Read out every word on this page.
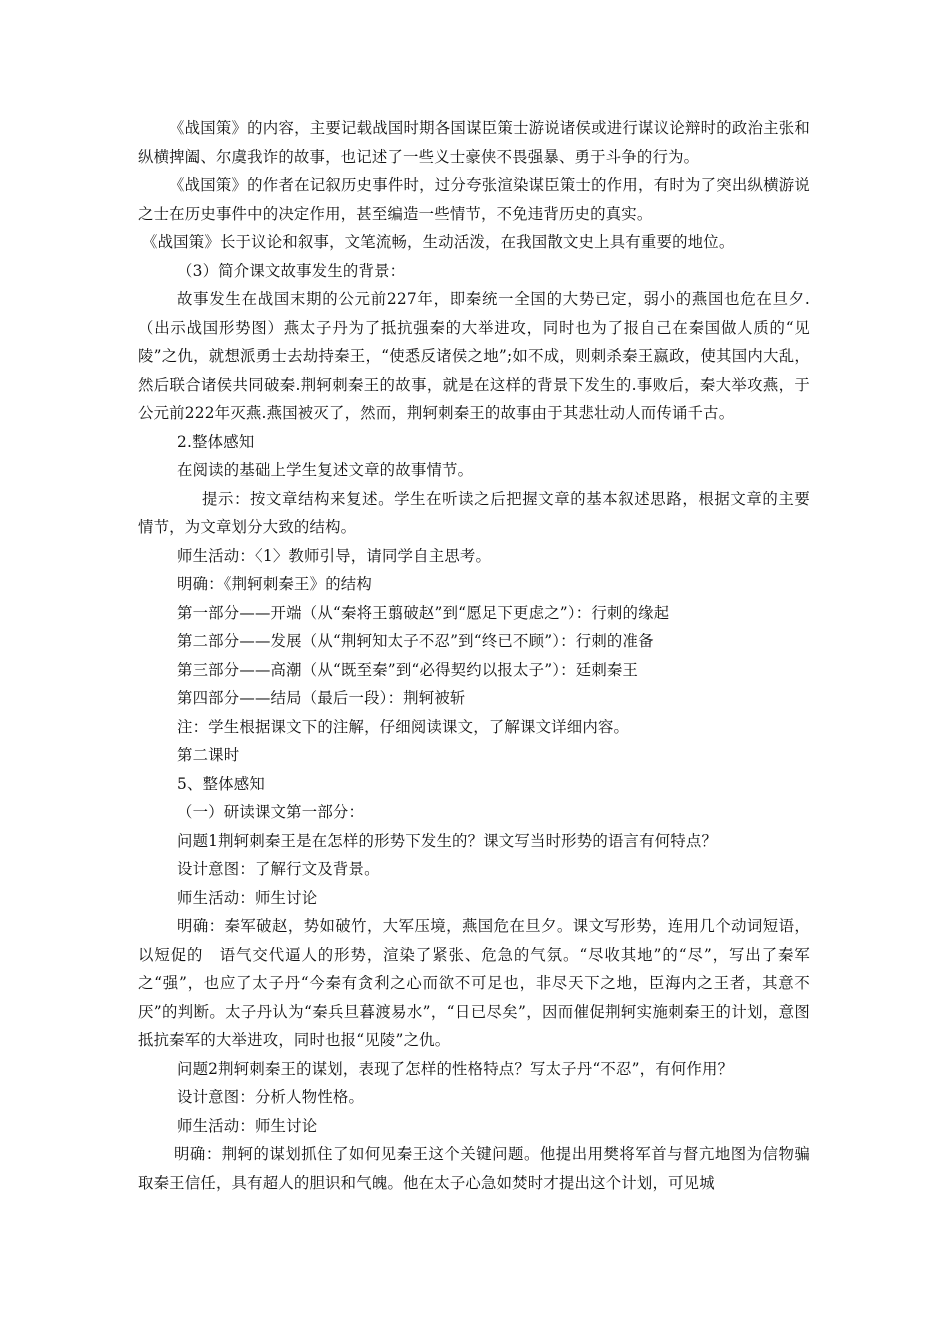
《战国策》的内容，主要记载战国时期各国谋臣策士游说诸侯或进行谋议论辩时的政治主张和纵横捭阖、尔虞我诈的故事，也记述了一些义士豪侠不畏强暴、勇于斗争的行为。

《战国策》的作者在记叙历史事件时，过分夸张渲染谋臣策士的作用，有时为了突出纵横游说之士在历史事件中的决定作用，甚至编造一些情节，不免违背历史的真实。

《战国策》长于议论和叙事，文笔流畅，生动活泼，在我国散文史上具有重要的地位。

（3）简介课文故事发生的背景：

故事发生在战国末期的公元前227年，即秦统一全国的大势已定，弱小的燕国也危在旦夕.（出示战国形势图）燕太子丹为了抵抗强秦的大举进攻，同时也为了报自己在秦国做人质的“见陵”之仇，就想派勇士去劫持秦王，“使悉反诸侯之地”;如不成，则刺杀秦王嬴政，使其国内大乱，然后联合诸侯共同破秦.荆轲刺秦王的故事，就是在这样的背景下发生的.事败后，秦大举攻燕，于公元前222年灭燕.燕国被灭了，然而，荆轲刺秦王的故事由于其悲壮动人而传诵千古。

2.整体感知

在阅读的基础上学生复述文章的故事情节。

提示：按文章结构来复述。学生在听读之后把握文章的基本叙述思路，根据文章的主要情节，为文章划分大致的结构。

师生活动：〈1〉教师引导，请同学自主思考。

明确：《荆轲刺秦王》的结构

第一部分——开端（从“秦将王翦破赵”到“愿足下更虑之”）：行刺的缘起

第二部分——发展（从“荆轲知太子不忍”到“终已不顾”）：行刺的准备

第三部分——高潮（从“既至秦”到“必得契约以报太子”）：廷刺秦王

第四部分——结局（最后一段）：荆轲被斩

注：学生根据课文下的注解，仔细阅读课文，了解课文详细内容。

第二课时

5、整体感知

（一）研读课文第一部分：

问题1荆轲刺秦王是在怎样的形势下发生的？课文写当时形势的语言有何特点？

设计意图：了解行文及背景。

师生活动：师生讨论

明确：秦军破赵，势如破竹，大军压境，燕国危在旦夕。课文写形势，连用几个动词短语，以短促的　语气交代逼人的形势，渲染了紧张、危急的气氛。“尽收其地”的“尽”，写出了秦军之“强”，也应了太子丹“今秦有贪利之心而欲不可足也，非尽天下之地，臣海内之王者，其意不厌”的判断。太子丹认为“秦兵旦暮渡易水”，“日已尽矣”，因而催促荆轲实施刺秦王的计划，意图抵抗秦军的大举进攻，同时也报“见陵”之仇。

问题2荆轲刺秦王的谋划，表现了怎样的性格特点？写太子丹“不忍”，有何作用？

设计意图：分析人物性格。

师生活动：师生讨论

明确：荆轲的谋划抓住了如何见秦王这个关键问题。他提出用樊将军首与督亢地图为信物骗取秦王信任，具有超人的胆识和气魄。他在太子心急如焚时才提出这个计划，可见城
